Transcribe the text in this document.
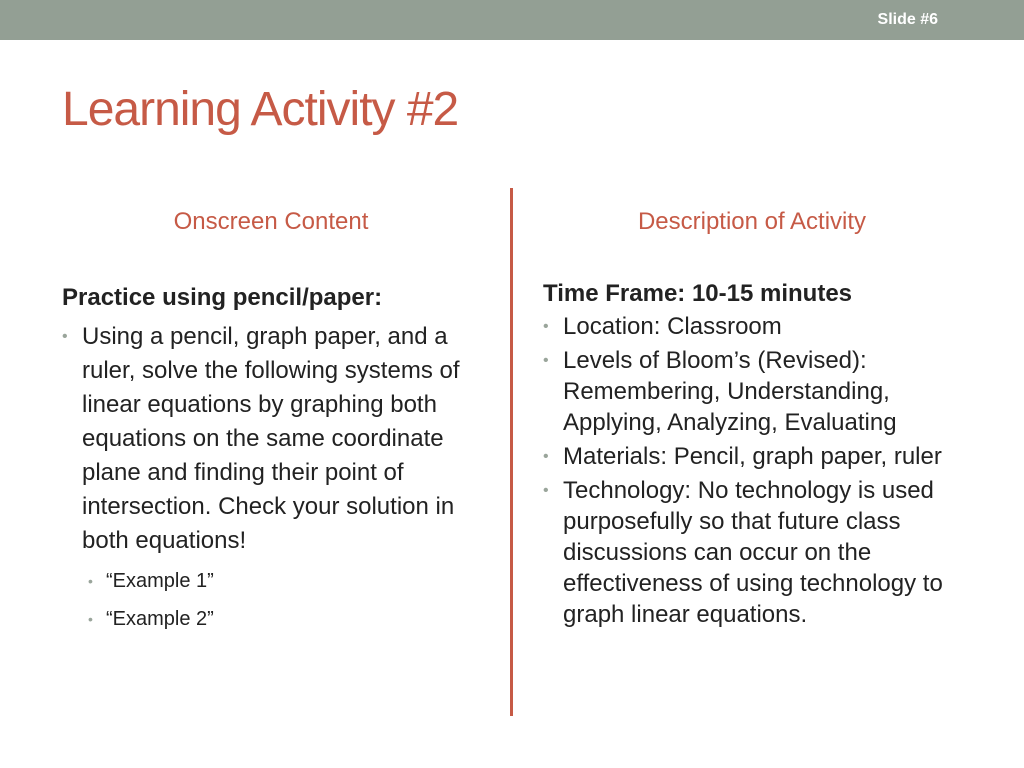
Slide #6
Learning Activity #2
Onscreen Content

Practice using pencil/paper:

• Using a pencil, graph paper, and a ruler, solve the following systems of linear equations by graphing both equations on the same coordinate plane and finding their point of intersection. Check your solution in both equations!
• “Example 1”
• “Example 2”
Description of Activity

Time Frame: 10-15 minutes

• Location: Classroom
• Levels of Bloom’s (Revised): Remembering, Understanding, Applying, Analyzing, Evaluating
• Materials: Pencil, graph paper, ruler
• Technology: No technology is used purposefully so that future class discussions can occur on the effectiveness of using technology to graph linear equations.
